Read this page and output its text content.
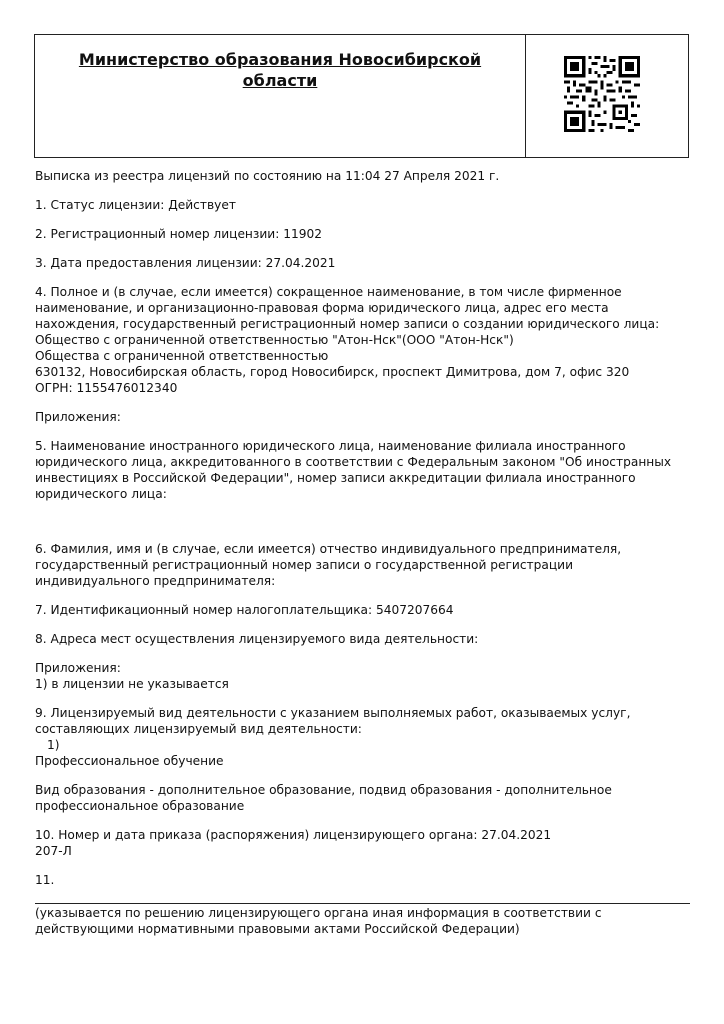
Министерство образования Новосибирской
области

Выписка из реестра лицензий по состоянию на 11:04 27 Апреля 2021 г.

1. Статус лицензии: Действует

2. Регистрационный номер лицензии: 11902

3. Дата предоставления лицензии: 27.04.2021

4. Полное и (в случае, если имеется) сокращенное наименование, в том числе фирменное
наименование, и организационно-правовая форма юридического лица, адрес его места
нахождения, государственный регистрационный номер записи о создании юридического лица:
Общество с ограниченной ответственностью "Атон-Нск"(ООО "Атон-Нск")
Общества с ограниченной ответственностью
630132, Новосибирская область, город Новосибирск, проспект Димитрова, дом 7, офис 320
ОГРН: 1155476012340

Приложения:

5. Наименование иностранного юридического лица, наименование филиала иностранного
юридического лица, аккредитованного в соответствии с Федеральным законом "Об иностранных
инвестициях в Российской Федерации", номер записи аккредитации филиала иностранного
юридического лица:
6. Фамилия, имя и (в случае, если имеется) отчество индивидуального предпринимателя,
государственный регистрационный номер записи о государственной регистрации
индивидуального предпринимателя:

7. Идентификационный номер налогоплательщика: 5407207664

8. Адреса мест осуществления лицензируемого вида деятельности:

Приложения:
1) в лицензии не указывается
9. Лицензируемый вид деятельности с указанием выполняемых работ, оказываемых услуг,
составляющих лицензируемый вид деятельности:
1)
Профессиональное обучение
Вид образования - дополнительное образование, подвид образования - дополнительное
профессиональное образование
10. Номер и дата приказа (распоряжения) лицензирующего органа: 27.04.2021
207-Л

11.

(указывается по решению лицензирующего органа иная информация в соответствии с
действующими нормативными правовыми актами Российской Федерации)
